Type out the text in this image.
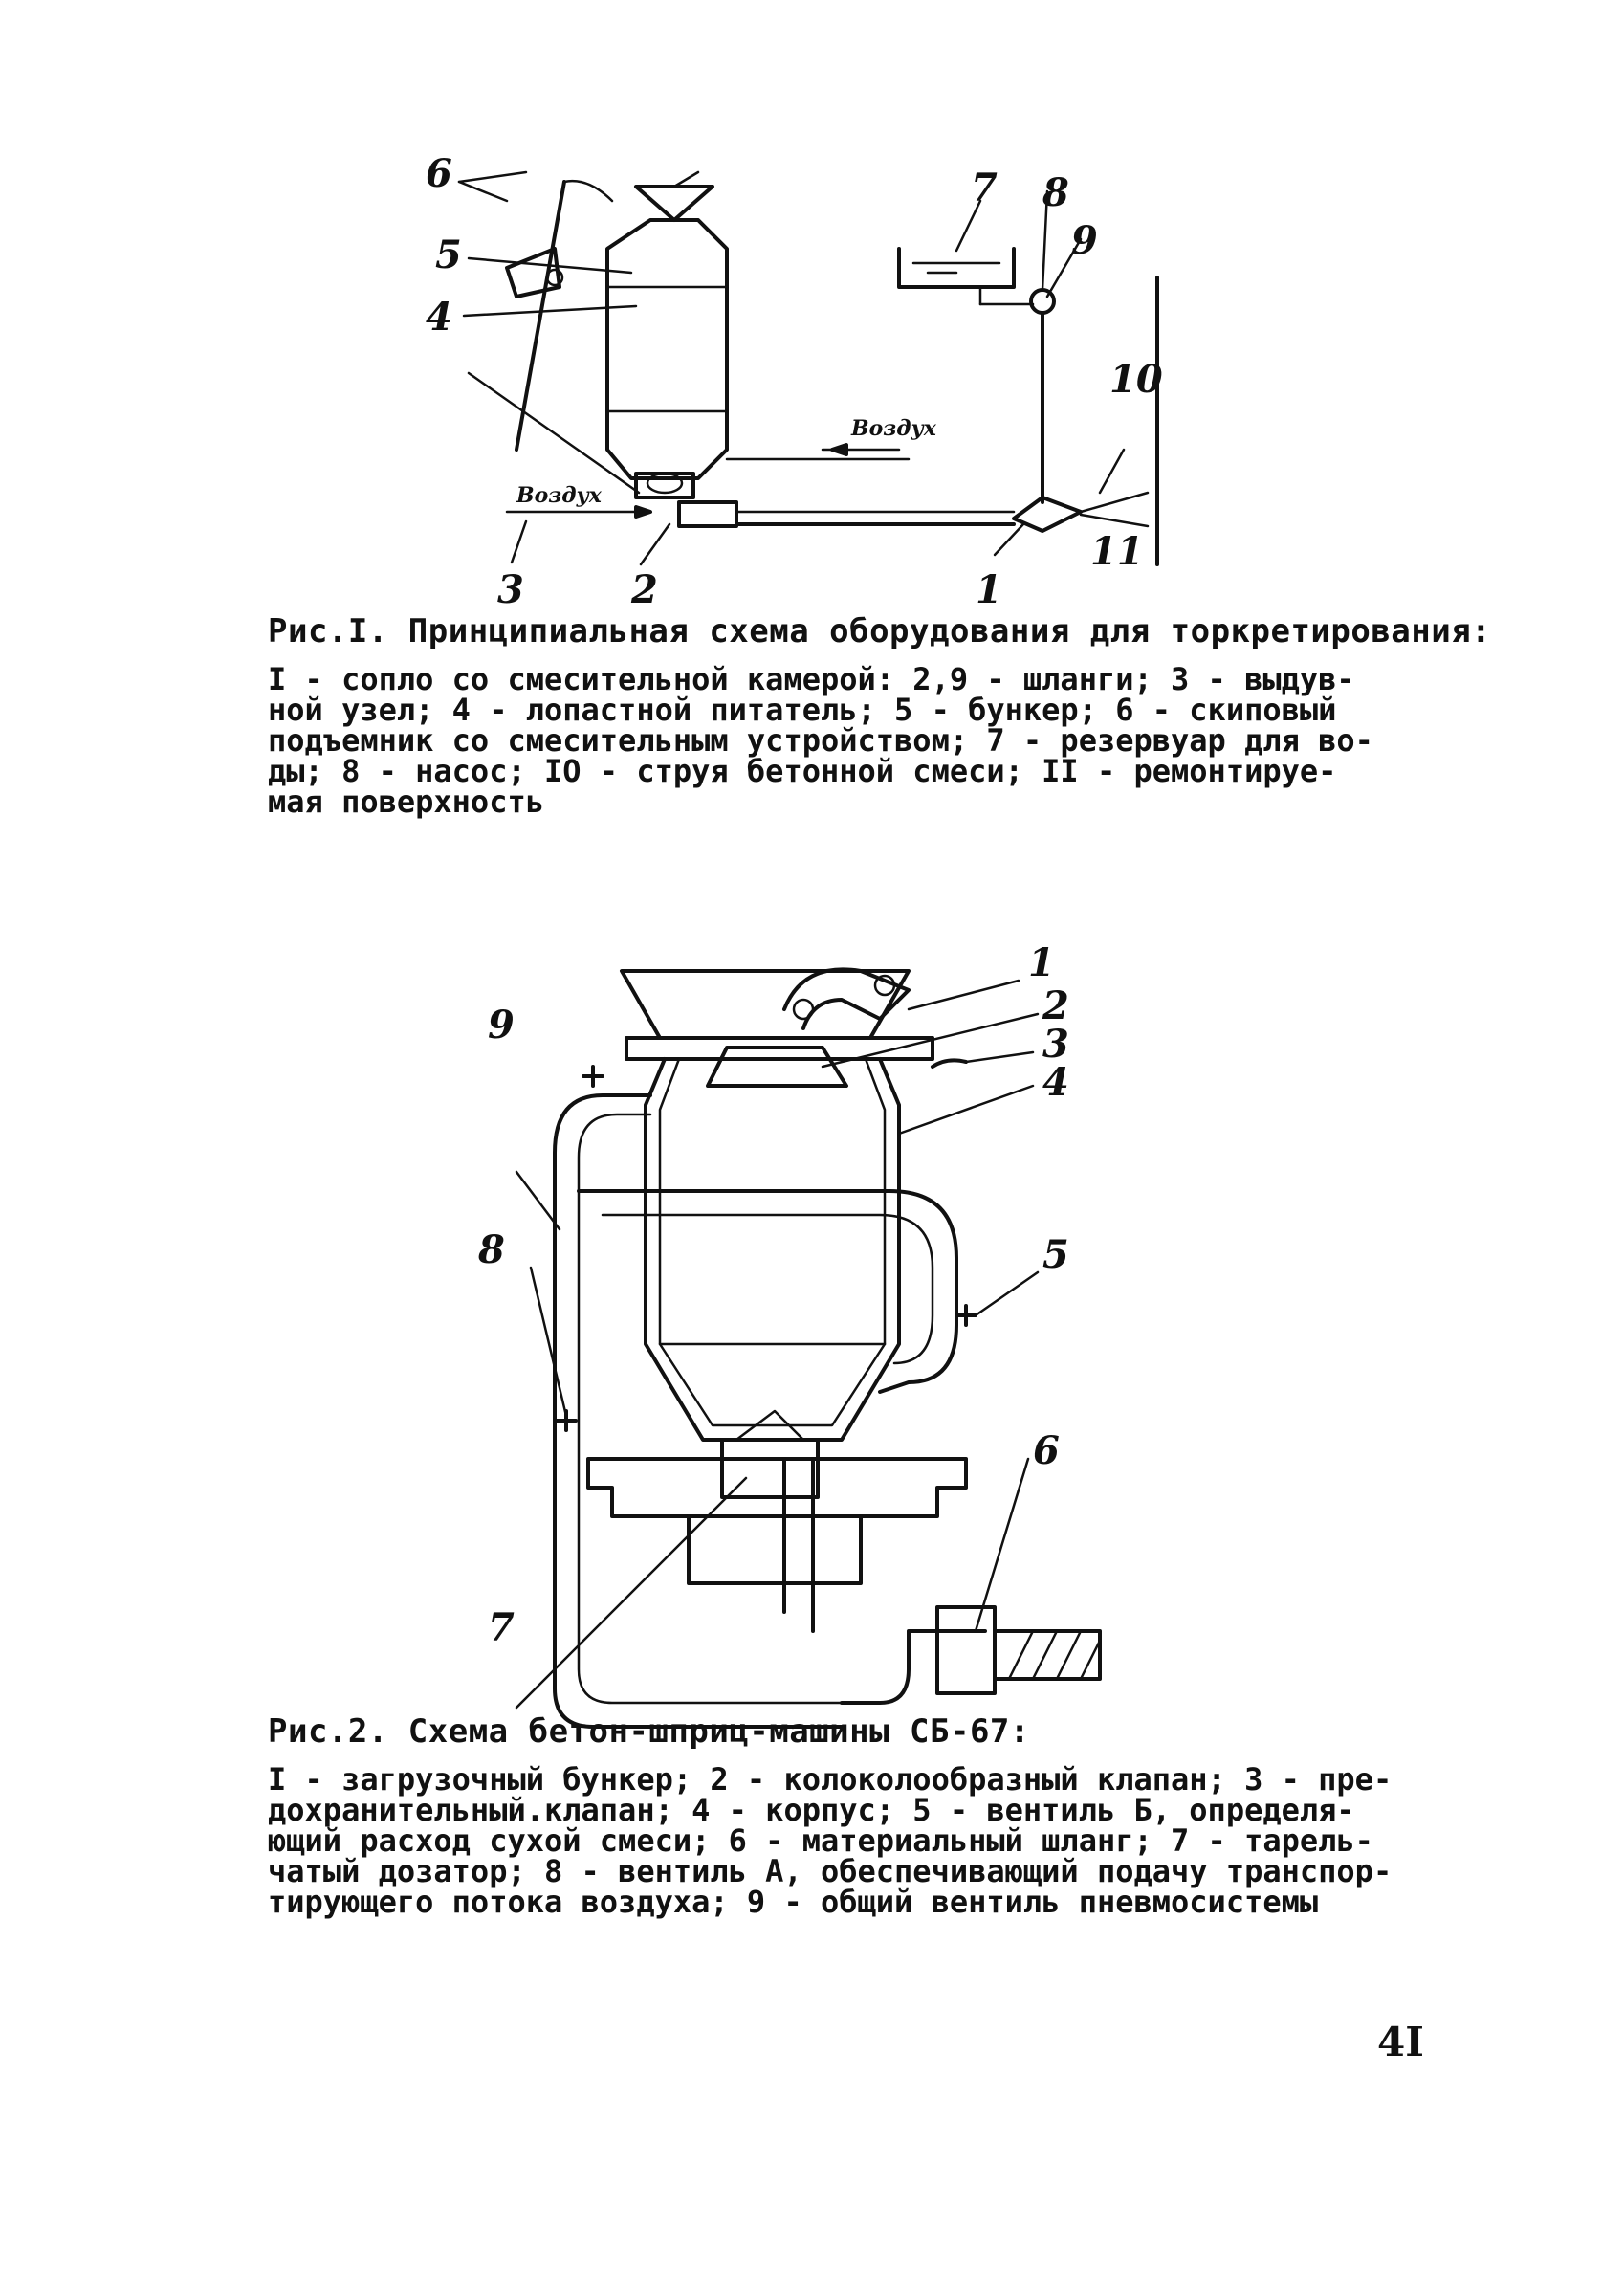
6
5
4
Воздух
Воздух
3	2	1
7 8
9
10
11
Рис.I. Принципиальная схема оборудования для торкретирования:
I - сопло со смесительной камерой: 2,9 - шланги; 3 - выдув-
ной узел; 4 - лопастной питатель; 5 - бункер; 6 - скиповый
подъемник со смесительным устройством; 7 - резервуар для во-
ды; 8 - насос; IO - струя бетонной смеси; II - ремонтируе-
мая поверхность
1
2
3
4
5
6
9
8
7
Рис.2. Схема бетон-шприц-машины СБ-67:
I - загрузочный бункер; 2 - колоколообразный клапан; 3 - пре-
дохранительный.клапан; 4 - корпус; 5 - вентиль Б, определя-
ющий расход сухой смеси; 6 - материальный шланг; 7 - тарель-
чатый дозатор; 8 - вентиль А, обеспечивающий подачу транспор-
тирующего потока воздуха; 9 - общий вентиль пневмосистемы
4I
